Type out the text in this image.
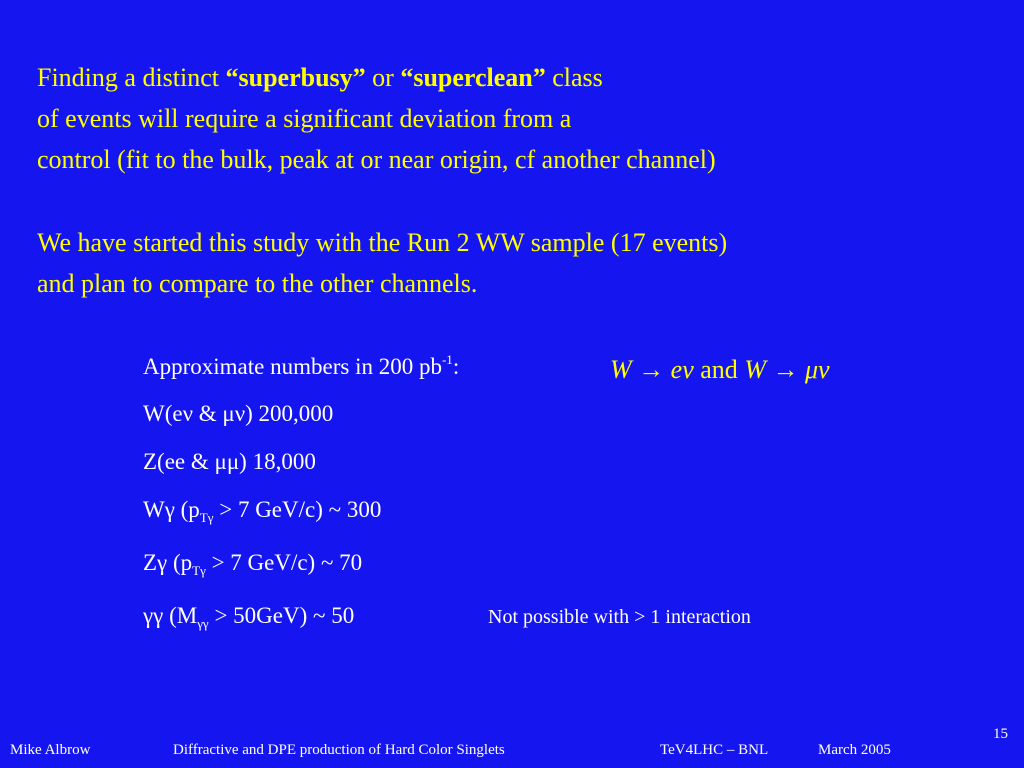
Finding a distinct “superbusy” or “superclean” class
of events will require a significant deviation from a
control (fit to the bulk, peak at or near origin, cf another channel)
We have started this study with the Run 2 WW sample (17 events)
and plan to compare to the other channels.
Approximate numbers in 200 $pb^{-1}$:
W(eν & μν) 200,000
Z(ee & μμ) 18,000
Wγ ($p_{T\gamma} > 7$ GeV/c) ~ 300
Zγ ($p_{T\gamma} > 7$ GeV/c) ~ 70
γγ $(M_{\gamma\gamma} > 50GeV)$ ~ 50
W → eν and W → μν
Not possible with > 1 interaction
15
Mike Albrow	Diffractive and DPE production of Hard Color Singlets	TeV4LHC – BNL	March 2005
